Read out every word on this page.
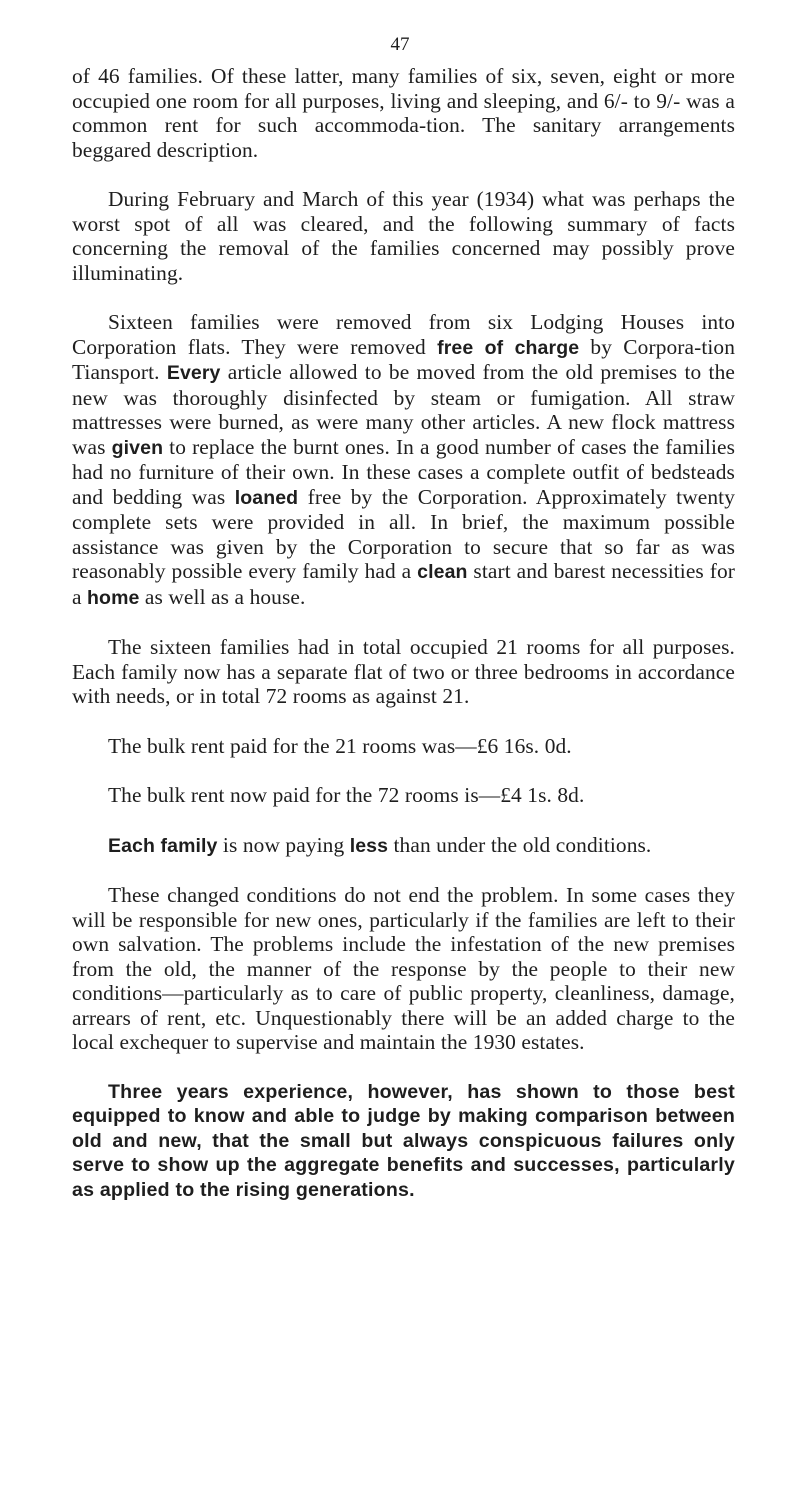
47

of 46 families. Of these latter, many families of six, seven, eight or more occupied one room for all purposes, living and sleeping, and 6/- to 9/- was a common rent for such accommoda-tion. The sanitary arrangements beggared description.

During February and March of this year (1934) what was perhaps the worst spot of all was cleared, and the following summary of facts concerning the removal of the families concerned may possibly prove illuminating.

Sixteen families were removed from six Lodging Houses into Corporation flats. They were removed free of charge by Corpora-tion Tiansport. Every article allowed to be moved from the old premises to the new was thoroughly disinfected by steam or fumigation. All straw mattresses were burned, as were many other articles. A new flock mattress was given to replace the burnt ones. In a good number of cases the families had no furniture of their own. In these cases a complete outfit of bedsteads and bedding was loaned free by the Corporation. Approximately twenty complete sets were provided in all. In brief, the maximum possible assistance was given by the Corporation to secure that so far as was reasonably possible every family had a clean start and barest necessities for a home as well as a house.

The sixteen families had in total occupied 21 rooms for all purposes. Each family now has a separate flat of two or three bedrooms in accordance with needs, or in total 72 rooms as against 21.

The bulk rent paid for the 21 rooms was—£6 16s. 0d.

The bulk rent now paid for the 72 rooms is—£4 1s. 8d.

Each family is now paying less than under the old conditions.

These changed conditions do not end the problem. In some cases they will be responsible for new ones, particularly if the families are left to their own salvation. The problems include the infestation of the new premises from the old, the manner of the response by the people to their new conditions—particularly as to care of public property, cleanliness, damage, arrears of rent, etc. Unquestionably there will be an added charge to the local exchequer to supervise and maintain the 1930 estates.

Three years experience, however, has shown to those best equipped to know and able to judge by making comparison between old and new, that the small but always conspicuous failures only serve to show up the aggregate benefits and successes, particularly as applied to the rising generations.
